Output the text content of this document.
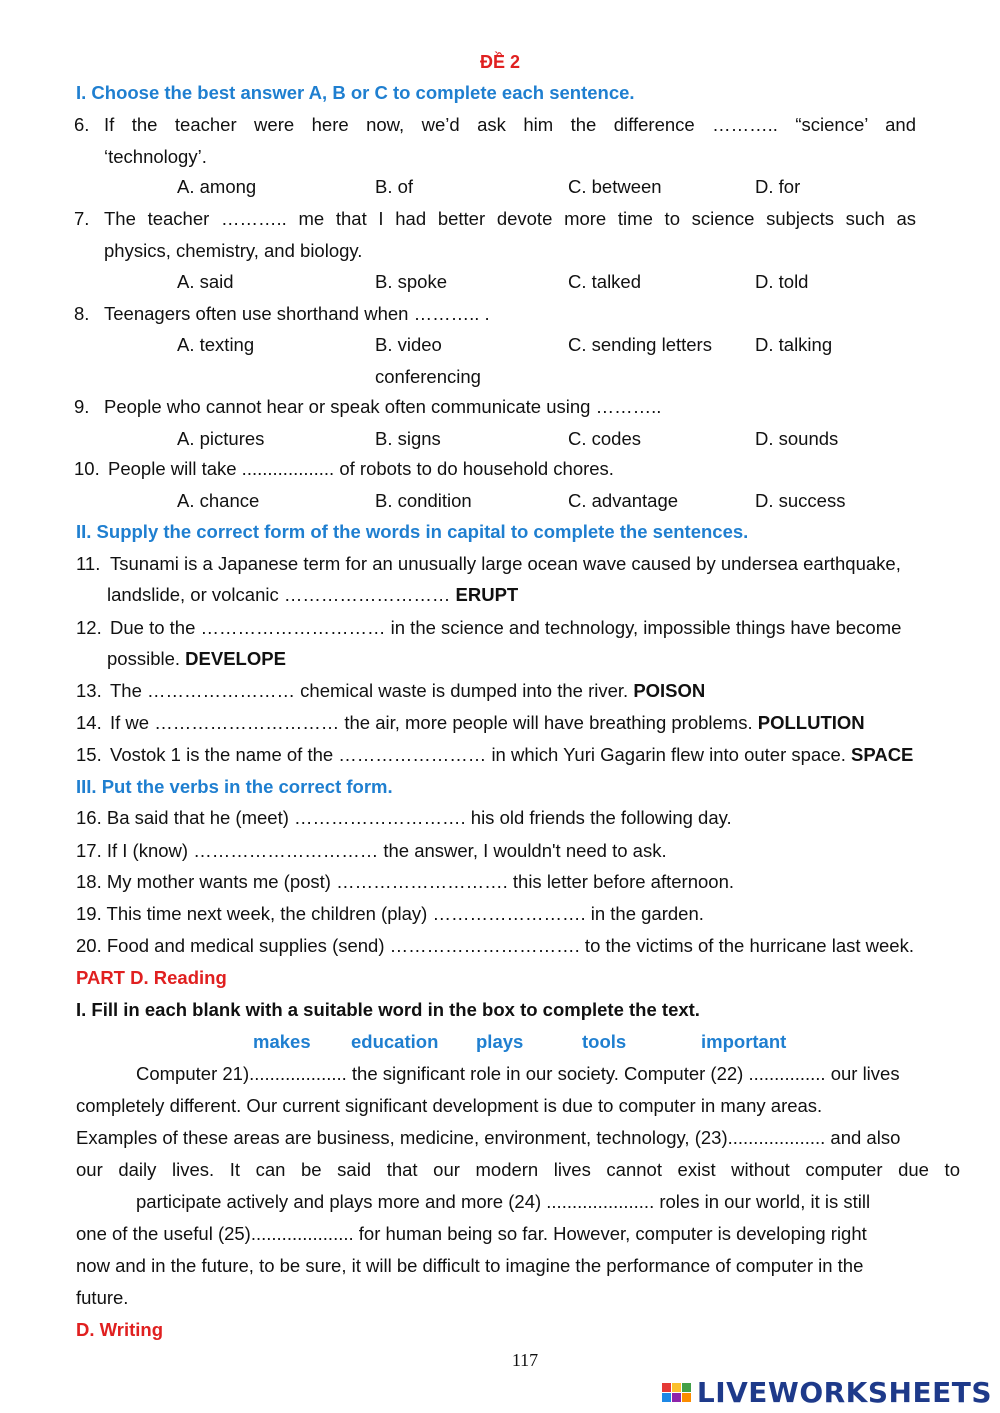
ĐỀ 2
I. Choose the best answer A, B or C to complete each sentence.
6. If the teacher were here now, we’d ask him the difference ……….. “science’ and
‘technology’.
A. among	B. of	C. between	D. for
7. The teacher ……….. me that I had better devote more time to science subjects such as
physics, chemistry, and biology.
A. said	B. spoke	C. talked	D. told
8. Teenagers often use shorthand when ……….. .
A. texting	B. video
conferencing
C. sending letters D. talking
9. People who cannot hear or speak often communicate using ………..
A. pictures	B. signs	C. codes	D. sounds
10. People will take .................. of robots to do household chores.
A. chance	B. condition	C. advantage	D. success
II. Supply the correct form of the words in capital to complete the sentences.
11. Tsunami is a Japanese term for an unusually large ocean wave caused by undersea earthquake,
landslide, or volcanic ……………………… ERUPT
12. Due to the ………………………… in the science and technology, impossible things have become
possible. DEVELOPE
13. The …………………… chemical waste is dumped into the river. POISON
14. If we ………………………… the air, more people will have breathing problems. POLLUTION
15. Vostok 1 is the name of the …………………… in which Yuri Gagarin flew into outer space. SPACE
III. Put the verbs in the correct form.
16. Ba said that he (meet) ………………………. his old friends the following day.
17. If I (know) ………………………… the answer, I wouldn't need to ask.
18. My mother wants me (post) ………………………. this letter before afternoon.
19. This time next week, the children (play) ……………………. in the garden.
20. Food and medical supplies (send) …………………………. to the victims of the hurricane last week.
PART D. Reading
I. Fill in each blank with a suitable word in the box to complete the text.
makes education plays	tools	important
Computer 21)................... the significant role in our society. Computer (22) ............... our lives
completely different. Our current significant development is due to computer in many areas.
Examples of these areas are business, medicine, environment, technology, (23)................... and also
our daily lives. It can be said that our modern lives cannot exist without computer due to
participate actively and plays more and more (24) ..................... roles in our world, it is still
one of the useful (25).................... for human being so far. However, computer is developing right
now and in the future, to be sure, it will be difficult to imagine the performance of computer in the
future.
D. Writing
117
LIVEWORKSHEETS
